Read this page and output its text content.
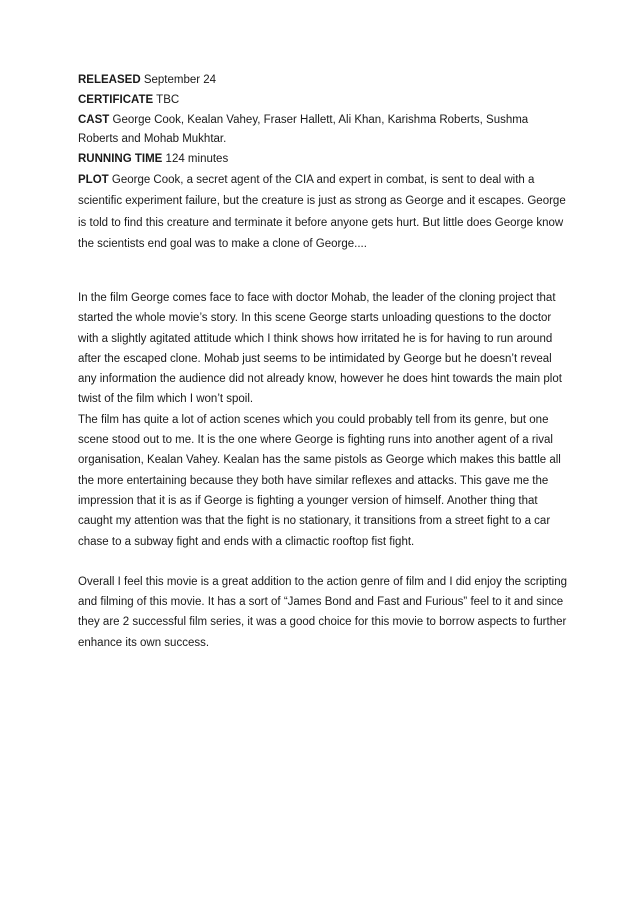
RELEASED September 24

CERTIFICATE TBC

CAST George Cook, Kealan Vahey, Fraser Hallett, Ali Khan, Karishma Roberts, Sushma Roberts and Mohab Mukhtar.

RUNNING TIME 124 minutes

PLOT George Cook, a secret agent of the CIA and expert in combat, is sent to deal with a scientific experiment failure, but the creature is just as strong as George and it escapes. George is told to find this creature and terminate it before anyone gets hurt. But little does George know the scientists end goal was to make a clone of George....

In the film George comes face to face with doctor Mohab, the leader of the cloning project that started the whole movie’s story. In this scene George starts unloading questions to the doctor with a slightly agitated attitude which I think shows how irritated he is for having to run around after the escaped clone. Mohab just seems to be intimidated by George but he doesn’t reveal any information the audience did not already know, however he does hint towards the main plot twist of the film which I won’t spoil.

The film has quite a lot of action scenes which you could probably tell from its genre, but one scene stood out to me. It is the one where George is fighting runs into another agent of a rival organisation, Kealan Vahey. Kealan has the same pistols as George which makes this battle all the more entertaining because they both have similar reflexes and attacks. This gave me the impression that it is as if George is fighting a younger version of himself. Another thing that caught my attention was that the fight is no stationary, it transitions from a street fight to a car chase to a subway fight and ends with a climactic rooftop fist fight.

Overall I feel this movie is a great addition to the action genre of film and I did enjoy the scripting and filming of this movie. It has a sort of “James Bond and Fast and Furious” feel to it and since they are 2 successful film series, it was a good choice for this movie to borrow aspects to further enhance its own success.
